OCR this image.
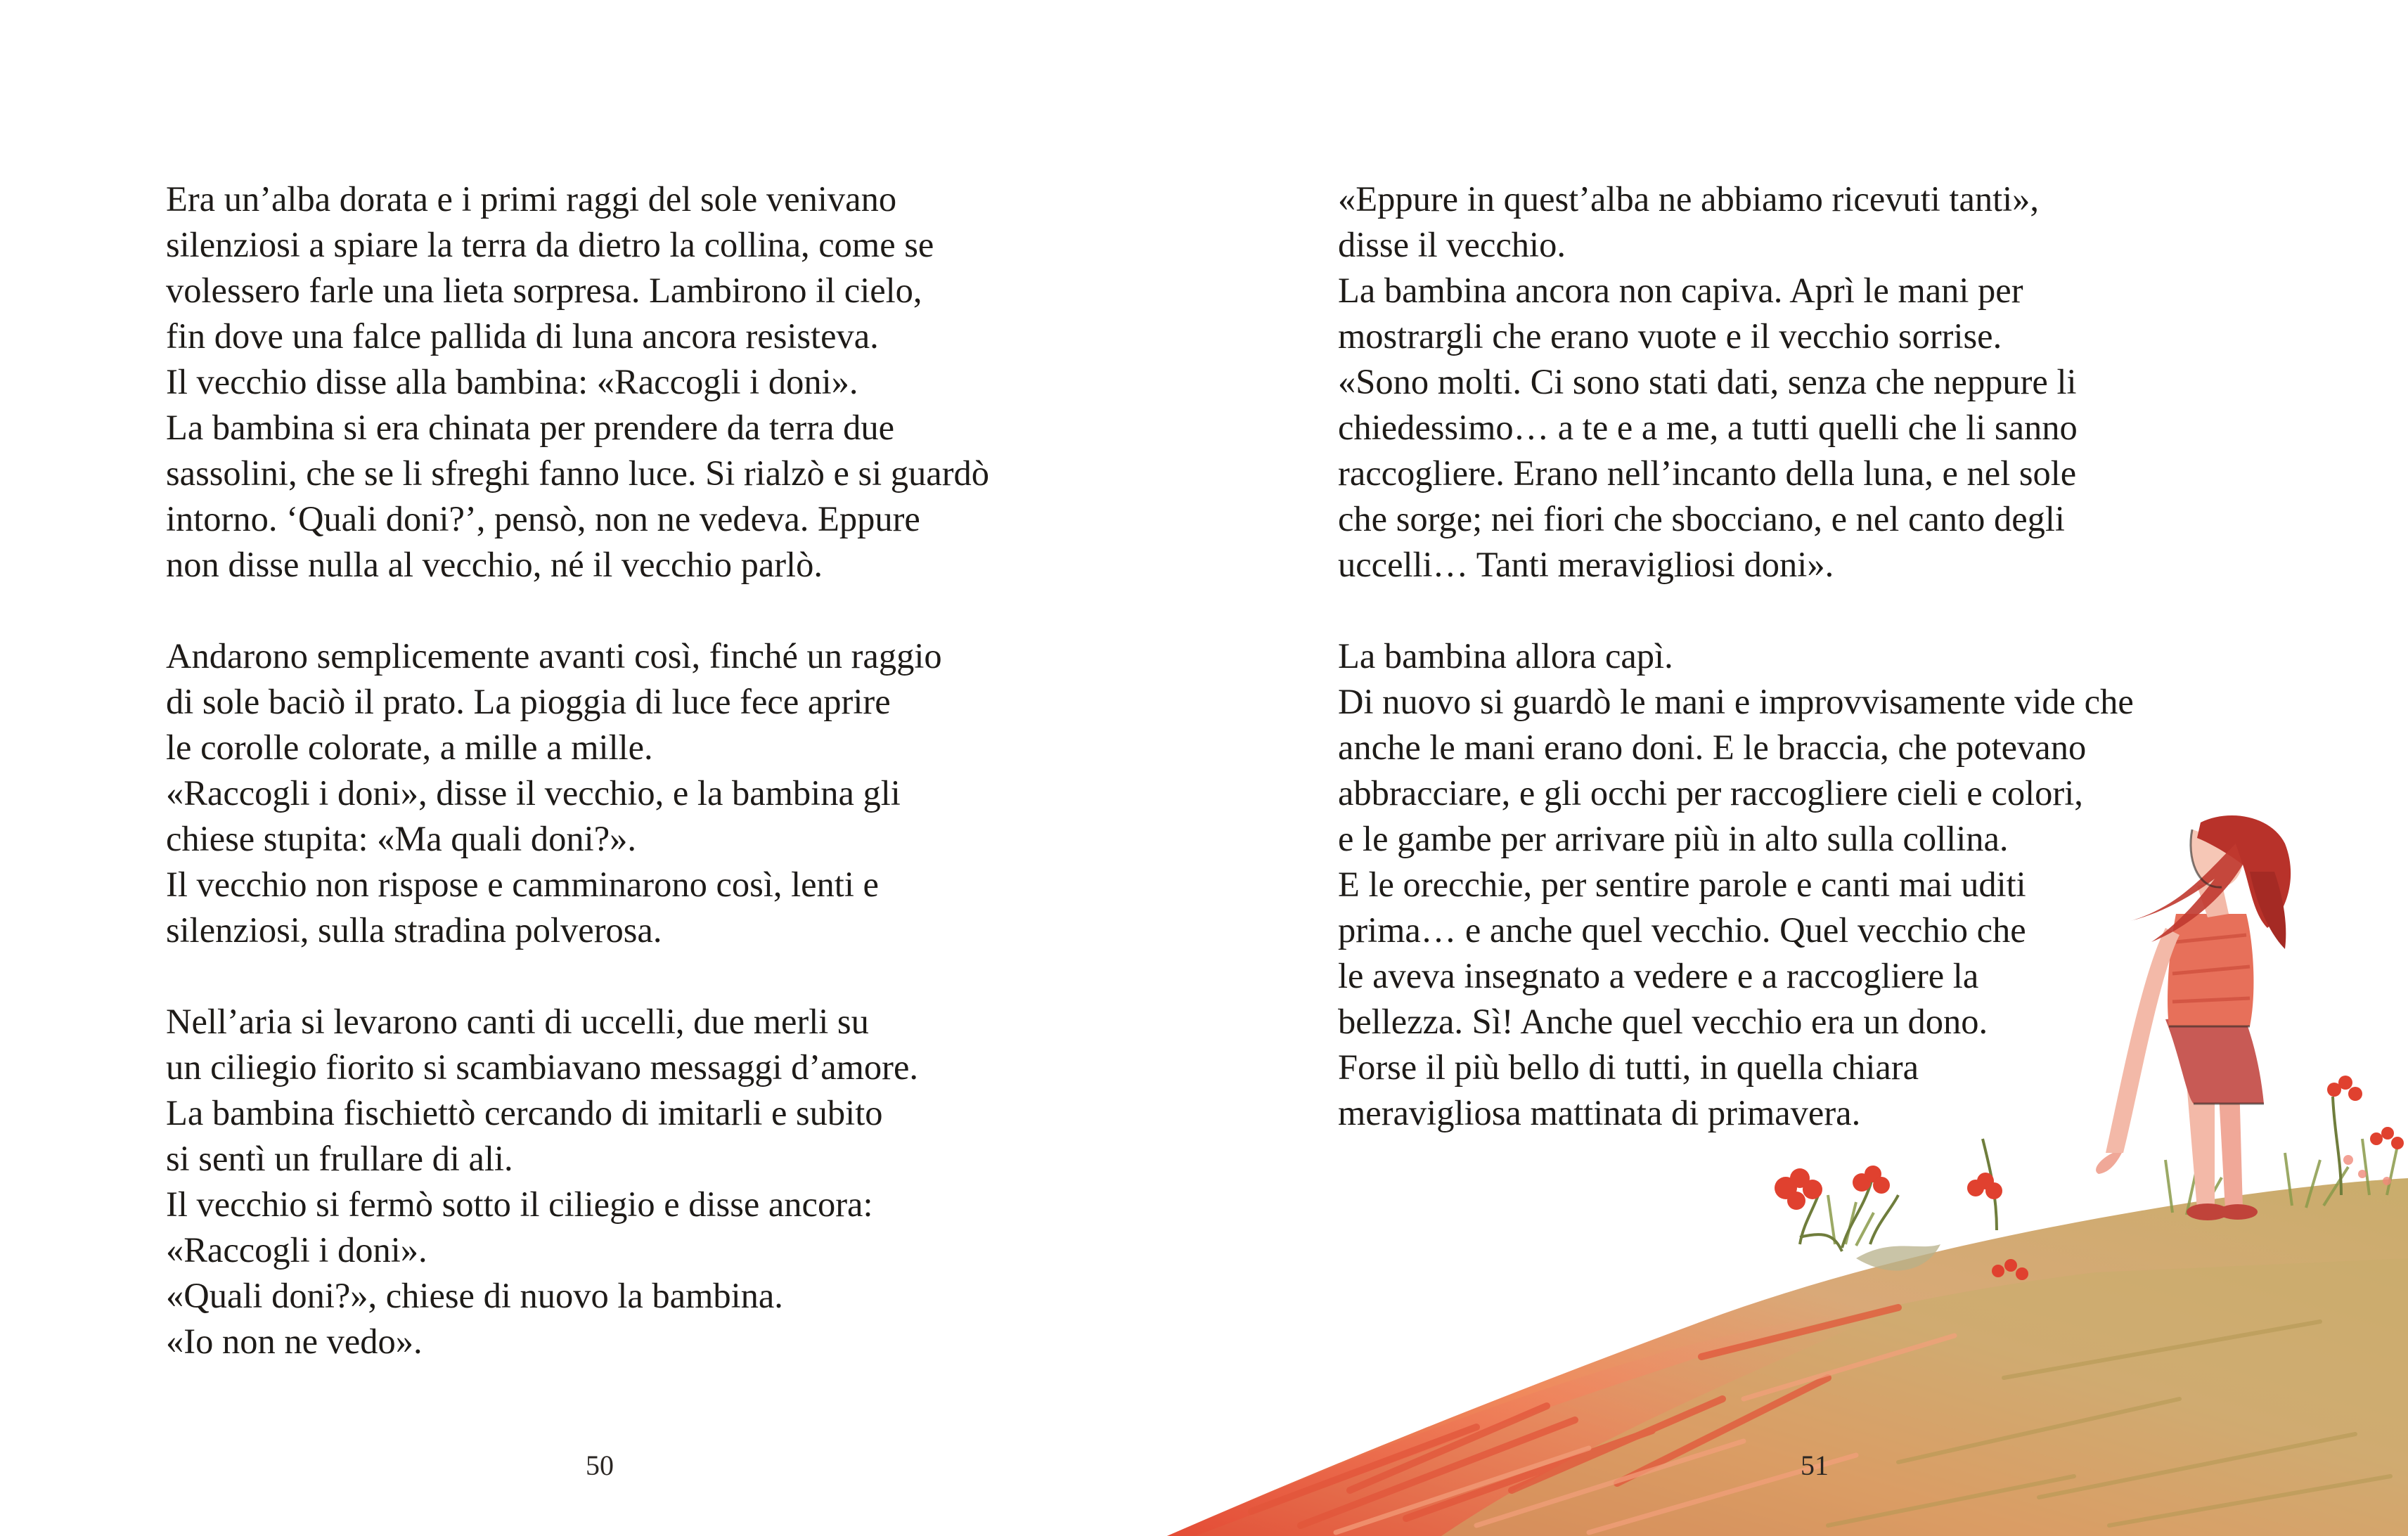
Era un’alba dorata e i primi raggi del sole venivano
silenziosi a spiare la terra da dietro la collina, come se
volessero farle una lieta sorpresa. Lambirono il cielo,
fin dove una falce pallida di luna ancora resisteva.
Il vecchio disse alla bambina: «Raccogli i doni».
La bambina si era chinata per prendere da terra due
sassolini, che se li sfreghi fanno luce. Si rialzò e si guardò
intorno. ‘Quali doni?’, pensò, non ne vedeva. Eppure
non disse nulla al vecchio, né il vecchio parlò.

Andarono semplicemente avanti così, finché un raggio
di sole baciò il prato. La pioggia di luce fece aprire
le corolle colorate, a mille a mille.
«Raccogli i doni», disse il vecchio, e la bambina gli
chiese stupita: «Ma quali doni?».
Il vecchio non rispose e camminarono così, lenti e
silenziosi, sulla stradina polverosa.

Nell’aria si levarono canti di uccelli, due merli su
un ciliegio fiorito si scambiavano messaggi d’amore.
La bambina fischiettò cercando di imitarli e subito
si sentì un frullare di ali.
Il vecchio si fermò sotto il ciliegio e disse ancora:
«Raccogli i doni».
«Quali doni?», chiese di nuovo la bambina.
«Io non ne vedo».

«Eppure in quest’alba ne abbiamo ricevuti tanti»,
disse il vecchio.
La bambina ancora non capiva. Aprì le mani per
mostrargli che erano vuote e il vecchio sorrise.
«Sono molti. Ci sono stati dati, senza che neppure li
chiedessimo… a te e a me, a tutti quelli che li sanno
raccogliere. Erano nell’incanto della luna, e nel sole
che sorge; nei fiori che sbocciano, e nel canto degli
uccelli… Tanti meravigliosi doni».

La bambina allora capì.
Di nuovo si guardò le mani e improvvisamente vide che
anche le mani erano doni. E le braccia, che potevano
abbracciare, e gli occhi per raccogliere cieli e colori,
e le gambe per arrivare più in alto sulla collina.
E le orecchie, per sentire parole e canti mai uditi
prima… e anche quel vecchio. Quel vecchio che
le aveva insegnato a vedere e a raccogliere la
bellezza. Sì! Anche quel vecchio era un dono.
Forse il più bello di tutti, in quella chiara
meravigliosa mattinata di primavera.

50	51
